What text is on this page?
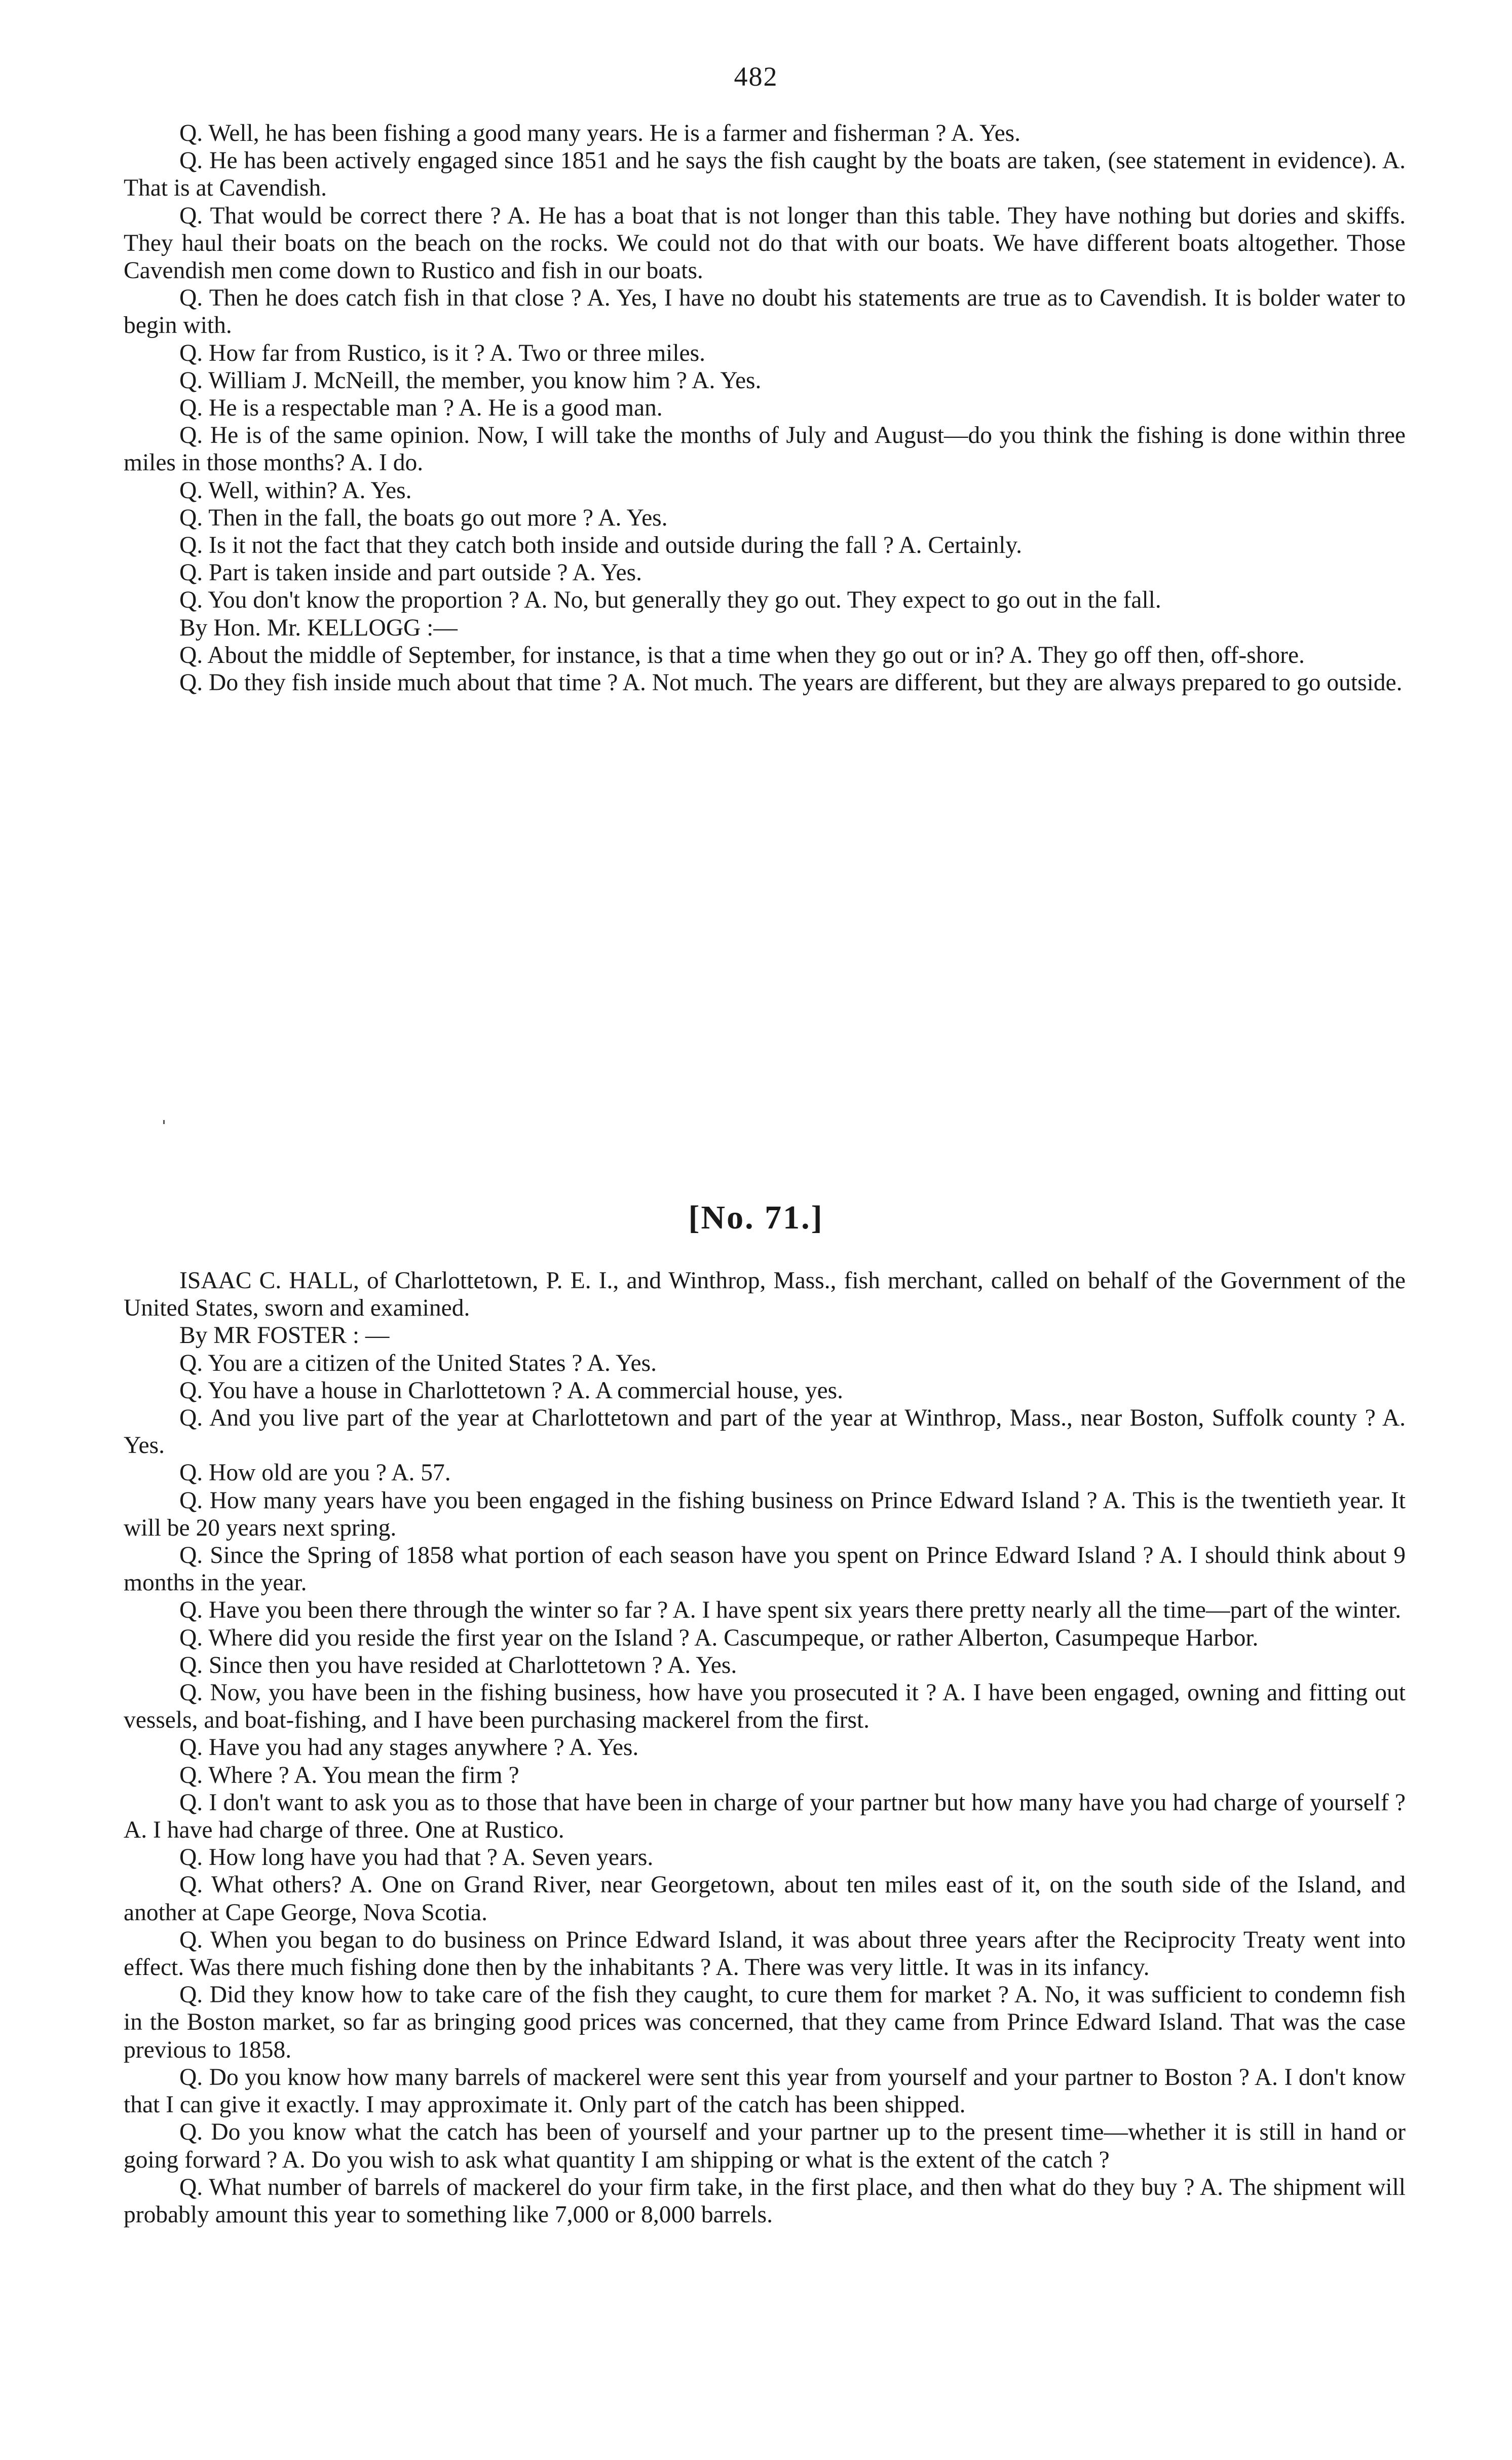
482

Q. Well, he has been fishing a good many years. He is a farmer and fisherman ? A. Yes.

Q. He has been actively engaged since 1851 and he says the fish caught by the boats are taken, (see statement in evidence). A. That is at Cavendish.

Q. That would be correct there ? A. He has a boat that is not longer than this table. They have nothing but dories and skiffs. They haul their boats on the beach on the rocks. We could not do that with our boats. We have different boats altogether. Those Cavendish men come down to Rustico and fish in our boats.

Q. Then he does catch fish in that close ? A. Yes, I have no doubt his statements are true as to Cavendish. It is bolder water to begin with.

Q. How far from Rustico, is it ? A. Two or three miles.

Q. William J. McNeill, the member, you know him ? A. Yes.

Q. He is a respectable man ? A. He is a good man.

Q. He is of the same opinion. Now, I will take the months of July and August—do you think the fishing is done within three miles in those months? A. I do.

Q. Well, within? A. Yes.

Q. Then in the fall, the boats go out more ? A. Yes.

Q. Is it not the fact that they catch both inside and outside during the fall ? A. Certainly.

Q. Part is taken inside and part outside ? A. Yes.

Q. You don't know the proportion ? A. No, but generally they go out. They expect to go out in the fall.

By Hon. Mr. KELLOGG :—

Q. About the middle of September, for instance, is that a time when they go out or in? A. They go off then, off-shore.

Q. Do they fish inside much about that time ? A. Not much. The years are different, but they are always prepared to go outside.

[No. 71.]

ISAAC C. HALL, of Charlottetown, P. E. I., and Winthrop, Mass., fish merchant, called on behalf of the Government of the United States, sworn and examined.

By MR FOSTER : —

Q. You are a citizen of the United States ? A. Yes.

Q. You have a house in Charlottetown ? A. A commercial house, yes.

Q. And you live part of the year at Charlottetown and part of the year at Winthrop, Mass., near Boston, Suffolk county ? A. Yes.

Q. How old are you ? A. 57.

Q. How many years have you been engaged in the fishing business on Prince Edward Island ? A. This is the twentieth year. It will be 20 years next spring.

Q. Since the Spring of 1858 what portion of each season have you spent on Prince Edward Island ? A. I should think about 9 months in the year.

Q. Have you been there through the winter so far ? A. I have spent six years there pretty nearly all the time—part of the winter.

Q. Where did you reside the first year on the Island ? A. Cascumpeque, or rather Alberton, Casumpeque Harbor.

Q. Since then you have resided at Charlottetown ? A. Yes.

Q. Now, you have been in the fishing business, how have you prosecuted it ? A. I have been engaged, owning and fitting out vessels, and boat-fishing, and I have been purchasing mackerel from the first.

Q. Have you had any stages anywhere ? A. Yes.

Q. Where ? A. You mean the firm ?

Q. I don't want to ask you as to those that have been in charge of your partner but how many have you had charge of yourself ? A. I have had charge of three. One at Rustico.

Q. How long have you had that ? A. Seven years.

Q. What others? A. One on Grand River, near Georgetown, about ten miles east of it, on the south side of the Island, and another at Cape George, Nova Scotia.

Q. When you began to do business on Prince Edward Island, it was about three years after the Reciprocity Treaty went into effect. Was there much fishing done then by the inhabitants ? A. There was very little. It was in its infancy.

Q. Did they know how to take care of the fish they caught, to cure them for market ? A. No, it was sufficient to condemn fish in the Boston market, so far as bringing good prices was concerned, that they came from Prince Edward Island. That was the case previous to 1858.

Q. Do you know how many barrels of mackerel were sent this year from yourself and your partner to Boston ? A. I don't know that I can give it exactly. I may approximate it. Only part of the catch has been shipped.

Q. Do you know what the catch has been of yourself and your partner up to the present time—whether it is still in hand or going forward ? A. Do you wish to ask what quantity I am shipping or what is the extent of the catch ?

Q. What number of barrels of mackerel do your firm take, in the first place, and then what do they buy ? A. The shipment will probably amount this year to something like 7,000 or 8,000 barrels.
